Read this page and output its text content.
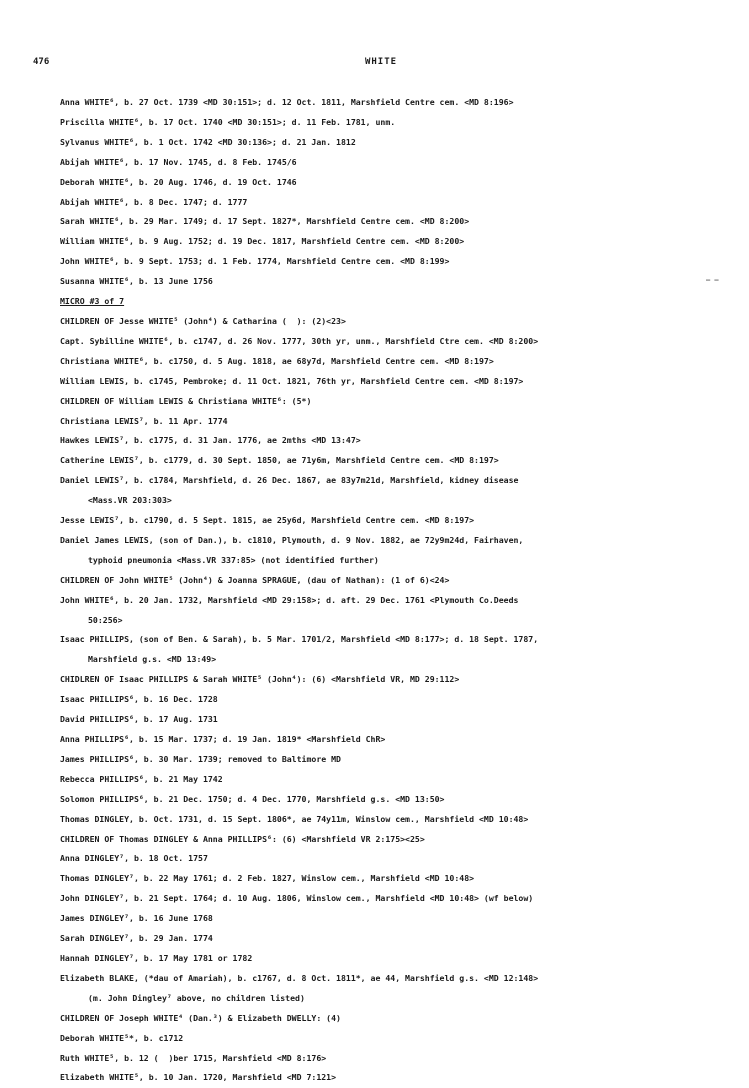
476	WHITE
Anna WHITE⁶, b. 27 Oct. 1739 <MD 30:151>; d. 12 Oct. 1811, Marshfield Centre cem. <MD 8:196>
Priscilla WHITE⁶, b. 17 Oct. 1740 <MD 30:151>; d. 11 Feb. 1781, unm.
Sylvanus WHITE⁶, b. 1 Oct. 1742 <MD 30:136>; d. 21 Jan. 1812
Abijah WHITE⁶, b. 17 Nov. 1745, d. 8 Feb. 1745/6
Deborah WHITE⁶, b. 20 Aug. 1746, d. 19 Oct. 1746
Abijah WHITE⁶, b. 8 Dec. 1747; d. 1777
Sarah WHITE⁶, b. 29 Mar. 1749; d. 17 Sept. 1827*, Marshfield Centre cem. <MD 8:200>
William WHITE⁶, b. 9 Aug. 1752; d. 19 Dec. 1817, Marshfield Centre cem. <MD 8:200>
John WHITE⁶, b. 9 Sept. 1753; d. 1 Feb. 1774, Marshfield Centre cem. <MD 8:199>
Susanna WHITE⁶, b. 13 June 1756
MICRO #3 of 7
CHILDREN OF Jesse WHITE⁵ (John⁴) & Catharina (  ): (2)<23>
Capt. Sybilline WHITE⁶, b. c1747, d. 26 Nov. 1777, 30th yr, unm., Marshfield Ctre cem. <MD 8:200>
Christiana WHITE⁶, b. c1750, d. 5 Aug. 1818, ae 68y7d, Marshfield Centre cem. <MD 8:197>
William LEWIS, b. c1745, Pembroke; d. 11 Oct. 1821, 76th yr, Marshfield Centre cem. <MD 8:197>
CHILDREN OF William LEWIS & Christiana WHITE⁶: (5*)
Christiana LEWIS⁷, b. 11 Apr. 1774
Hawkes LEWIS⁷, b. c1775, d. 31 Jan. 1776, ae 2mths <MD 13:47>
Catherine LEWIS⁷, b. c1779, d. 30 Sept. 1850, ae 71y6m, Marshfield Centre cem. <MD 8:197>
Daniel LEWIS⁷, b. c1784, Marshfield, d. 26 Dec. 1867, ae 83y7m21d, Marshfield, kidney disease
<Mass.VR 203:303>
Jesse LEWIS⁷, b. c1790, d. 5 Sept. 1815, ae 25y6d, Marshfield Centre cem. <MD 8:197>
Daniel James LEWIS, (son of Dan.), b. c1810, Plymouth, d. 9 Nov. 1882, ae 72y9m24d, Fairhaven,
typhoid pneumonia <Mass.VR 337:85> (not identified further)
CHILDREN OF John WHITE⁵ (John⁴) & Joanna SPRAGUE, (dau of Nathan): (1 of 6)<24>
John WHITE⁶, b. 20 Jan. 1732, Marshfield <MD 29:158>; d. aft. 29 Dec. 1761 <Plymouth Co.Deeds
50:256>
Isaac PHILLIPS, (son of Ben. & Sarah), b. 5 Mar. 1701/2, Marshfield <MD 8:177>; d. 18 Sept. 1787,
Marshfield g.s. <MD 13:49>
CHIDLREN OF Isaac PHILLIPS & Sarah WHITE⁵ (John⁴): (6) <Marshfield VR, MD 29:112>
Isaac PHILLIPS⁶, b. 16 Dec. 1728
David PHILLIPS⁶, b. 17 Aug. 1731
Anna PHILLIPS⁶, b. 15 Mar. 1737; d. 19 Jan. 1819* <Marshfield ChR>
James PHILLIPS⁶, b. 30 Mar. 1739; removed to Baltimore MD
Rebecca PHILLIPS⁶, b. 21 May 1742
Solomon PHILLIPS⁶, b. 21 Dec. 1750; d. 4 Dec. 1770, Marshfield g.s. <MD 13:50>
Thomas DINGLEY, b. Oct. 1731, d. 15 Sept. 1806*, ae 74y11m, Winslow cem., Marshfield <MD 10:48>
CHILDREN OF Thomas DINGLEY & Anna PHILLIPS⁶: (6) <Marshfield VR 2:175><25>
Anna DINGLEY⁷, b. 18 Oct. 1757
Thomas DINGLEY⁷, b. 22 May 1761; d. 2 Feb. 1827, Winslow cem., Marshfield <MD 10:48>
John DINGLEY⁷, b. 21 Sept. 1764; d. 10 Aug. 1806, Winslow cem., Marshfield <MD 10:48> (wf below)
James DINGLEY⁷, b. 16 June 1768
Sarah DINGLEY⁷, b. 29 Jan. 1774
Hannah DINGLEY⁷, b. 17 May 1781 or 1782
Elizabeth BLAKE, (*dau of Amariah), b. c1767, d. 8 Oct. 1811*, ae 44, Marshfield g.s. <MD 12:148>
(m. John Dingley⁷ above, no children listed)
CHILDREN OF Joseph WHITE⁴ (Dan.³) & Elizabeth DWELLY: (4)
Deborah WHITE⁵*, b. c1712
Ruth WHITE⁵, b. 12 (  )ber 1715, Marshfield <MD 8:176>
Elizabeth WHITE⁵, b. 10 Jan. 1720, Marshfield <MD 7:121>
— —
